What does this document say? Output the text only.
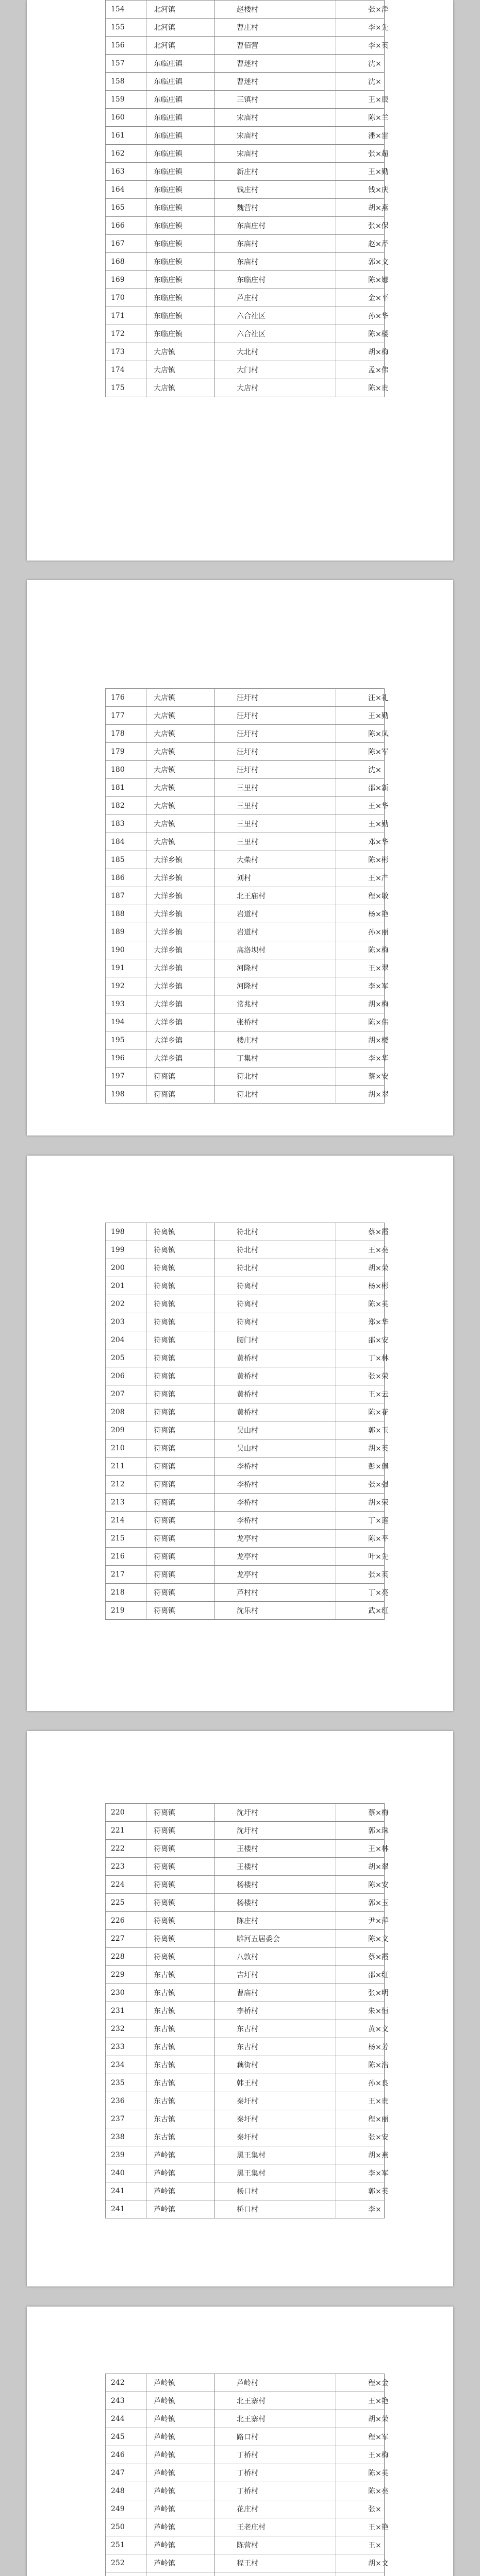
154	北河镇	赵楼村	张×洋
155	北河镇	曹庄村	李×先
156	北河镇	曹佰营	李×英
157	东临庄镇	曹迷村	沈×
158	东临庄镇	曹迷村	沈×
159	东临庄镇	三镇村	王×辰
160	东临庄镇	宋庙村	陈×兰
161	东临庄镇	宋庙村	潘×雷
162	东临庄镇	宋庙村	张×超
163	东临庄镇	新庄村	王×勤
164	东临庄镇	钱庄村	钱×庆
165	东临庄镇	魏营村	胡×燕
166	东临庄镇	东庙庄村	张×保
167	东临庄镇	东庙村	赵×芹
168	东临庄镇	东庙村	郭×文
169	东临庄镇	东临庄村	陈×娜
170	东临庄镇	芦庄村	金×平
171	东临庄镇	六合社区	孙×华
172	东临庄镇	六合社区	陈×楼
173	大店镇	大北村	胡×梅
174	大店镇	大门村	孟×伟
175	大店镇	大店村	陈×贵
176	大店镇	汪圩村	汪×礼
177	大店镇	汪圩村	王×勤
178	大店镇	汪圩村	陈×凤
179	大店镇	汪圩村	陈×军
180	大店镇	汪圩村	沈×
181	大店镇	三里村	邵×新
182	大店镇	三里村	王×华
183	大店镇	三里村	王×勤
184	大店镇	三里村	邓×华
185	大洋乡镇	大柴村	陈×彬
186	大洋乡镇	刘村	王×产
187	大洋乡镇	北王庙村	程×敏
188	大洋乡镇	岩道村	杨×艳
189	大洋乡镇	岩道村	孙×丽
190	大洋乡镇	高洛坝村	陈×梅
191	大洋乡镇	河隆村	王×翠
192	大洋乡镇	河隆村	李×军
193	大洋乡镇	常兆村	胡×梅
194	大洋乡镇	张桥村	陈×伟
195	大洋乡镇	楼庄村	胡×楼
196	大洋乡镇	丁集村	李×华
197	符离镇	符北村	蔡×安
198	符离镇	符北村	胡×翠
198	符离镇	符北村	蔡×霞
199	符离镇	符北村	王×亮
200	符离镇	符北村	胡×荣
201	符离镇	符离村	杨×彬
202	符离镇	符离村	陈×英
203	符离镇	符离村	郑×华
204	符离镇	腰门村	邵×安
205	符离镇	黄桥村	丁×林
206	符离镇	黄桥村	张×荣
207	符离镇	黄桥村	王×云
208	符离镇	黄桥村	陈×花
209	符离镇	吴山村	郭×玉
210	符离镇	吴山村	胡×英
211	符离镇	李桥村	彭×佩
212	符离镇	李桥村	张×强
213	符离镇	李桥村	胡×荣
214	符离镇	李桥村	丁×莲
215	符离镇	龙亭村	陈×平
216	符离镇	龙亭村	叶×先
217	符离镇	龙亭村	张×英
218	符离镇	芦村村	丁×亮
219	符离镇	沈乐村	武×红
220	符离镇	沈圩村	蔡×梅
221	符离镇	沈圩村	郭×珠
222	符离镇	王楼村	王×林
223	符离镇	王楼村	胡×翠
224	符离镇	杨楼村	陈×安
225	符离镇	杨楼村	郭×玉
226	符离镇	陈庄村	尹×萍
227	符离镇	雕河五居委会	陈×文
228	符离镇	八敦村	蔡×霞
229	东古镇	吉圩村	邵×红
230	东古镇	曹庙村	张×明
231	东古镇	李桥村	朱×恒
232	东古镇	东古村	黄×文
233	东古镇	东古村	杨×芳
234	东古镇	藕街村	陈×浩
235	东古镇	韩王村	孙×良
236	东古镇	秦圩村	王×贵
237	东古镇	秦圩村	程×丽
238	东古镇	秦圩村	张×安
239	芦岭镇	黑王集村	胡×燕
240	芦岭镇	黑王集村	李×军
241	芦岭镇	杨口村	郭×英
241	芦岭镇	桥口村	李×
242	芦岭镇	芦岭村	程×金
243	芦岭镇	北王寨村	王×艳
244	芦岭镇	北王寨村	胡×荣
245	芦岭镇	路口村	程×军
246	芦岭镇	丁桥村	王×梅
247	芦岭镇	丁桥村	陈×英
248	芦岭镇	丁桥村	陈×亮
249	芦岭镇	花庄村	张×
250	芦岭镇	王老庄村	王×艳
251	芦岭镇	陈营村	王×
252	芦岭镇	程王村	胡×文
